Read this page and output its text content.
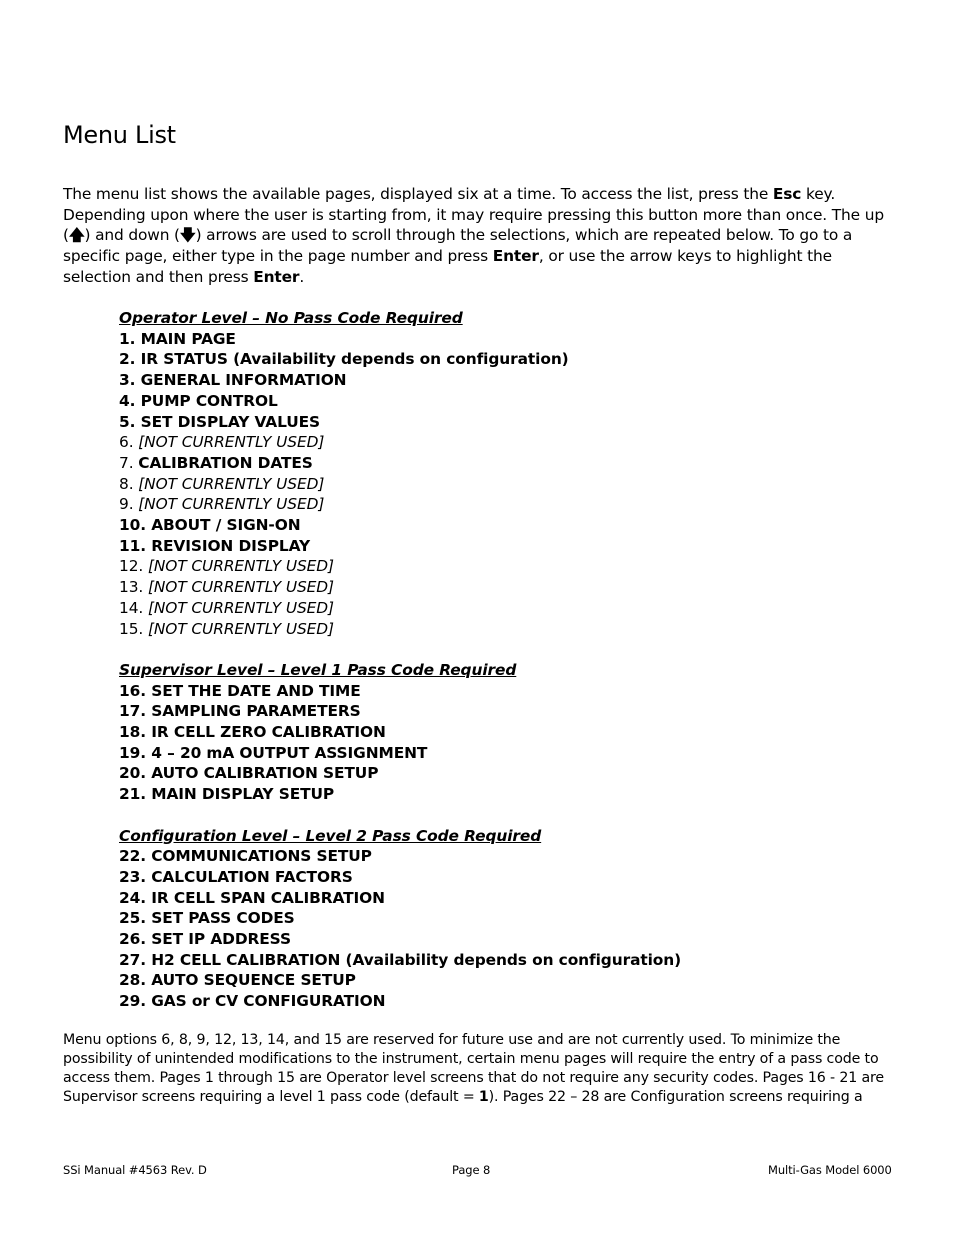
Menu List
The menu list shows the available pages, displayed six at a time. To access the list, press the Esc key. Depending upon where the user is starting from, it may require pressing this button more than once. The up (🡅) and down (🡇) arrows are used to scroll through the selections, which are repeated below. To go to a specific page, either type in the page number and press Enter, or use the arrow keys to highlight the selection and then press Enter.
Operator Level – No Pass Code Required
1. MAIN PAGE
2. IR STATUS (Availability depends on configuration)
3. GENERAL INFORMATION
4. PUMP CONTROL
5. SET DISPLAY VALUES
6. [NOT CURRENTLY USED]
7. CALIBRATION DATES
8. [NOT CURRENTLY USED]
9. [NOT CURRENTLY USED]
10. ABOUT / SIGN-ON
11. REVISION DISPLAY
12. [NOT CURRENTLY USED]
13. [NOT CURRENTLY USED]
14. [NOT CURRENTLY USED]
15. [NOT CURRENTLY USED]
Supervisor Level – Level 1 Pass Code Required
16. SET THE DATE AND TIME
17. SAMPLING PARAMETERS
18. IR CELL ZERO CALIBRATION
19. 4 – 20 mA OUTPUT ASSIGNMENT
20. AUTO CALIBRATION SETUP
21. MAIN DISPLAY SETUP
Configuration Level – Level 2 Pass Code Required
22. COMMUNICATIONS SETUP
23. CALCULATION FACTORS
24. IR CELL SPAN CALIBRATION
25. SET PASS CODES
26. SET IP ADDRESS
27. H2 CELL CALIBRATION (Availability depends on configuration)
28. AUTO SEQUENCE SETUP
29. GAS or CV CONFIGURATION
Menu options 6, 8, 9, 12, 13, 14, and 15 are reserved for future use and are not currently used. To minimize the possibility of unintended modifications to the instrument, certain menu pages will require the entry of a pass code to access them. Pages 1 through 15 are Operator level screens that do not require any security codes. Pages 16 - 21 are Supervisor screens requiring a level 1 pass code (default = 1). Pages 22 – 28 are Configuration screens requiring a
SSi Manual #4563 Rev. D	Page 8	Multi-Gas Model 6000
